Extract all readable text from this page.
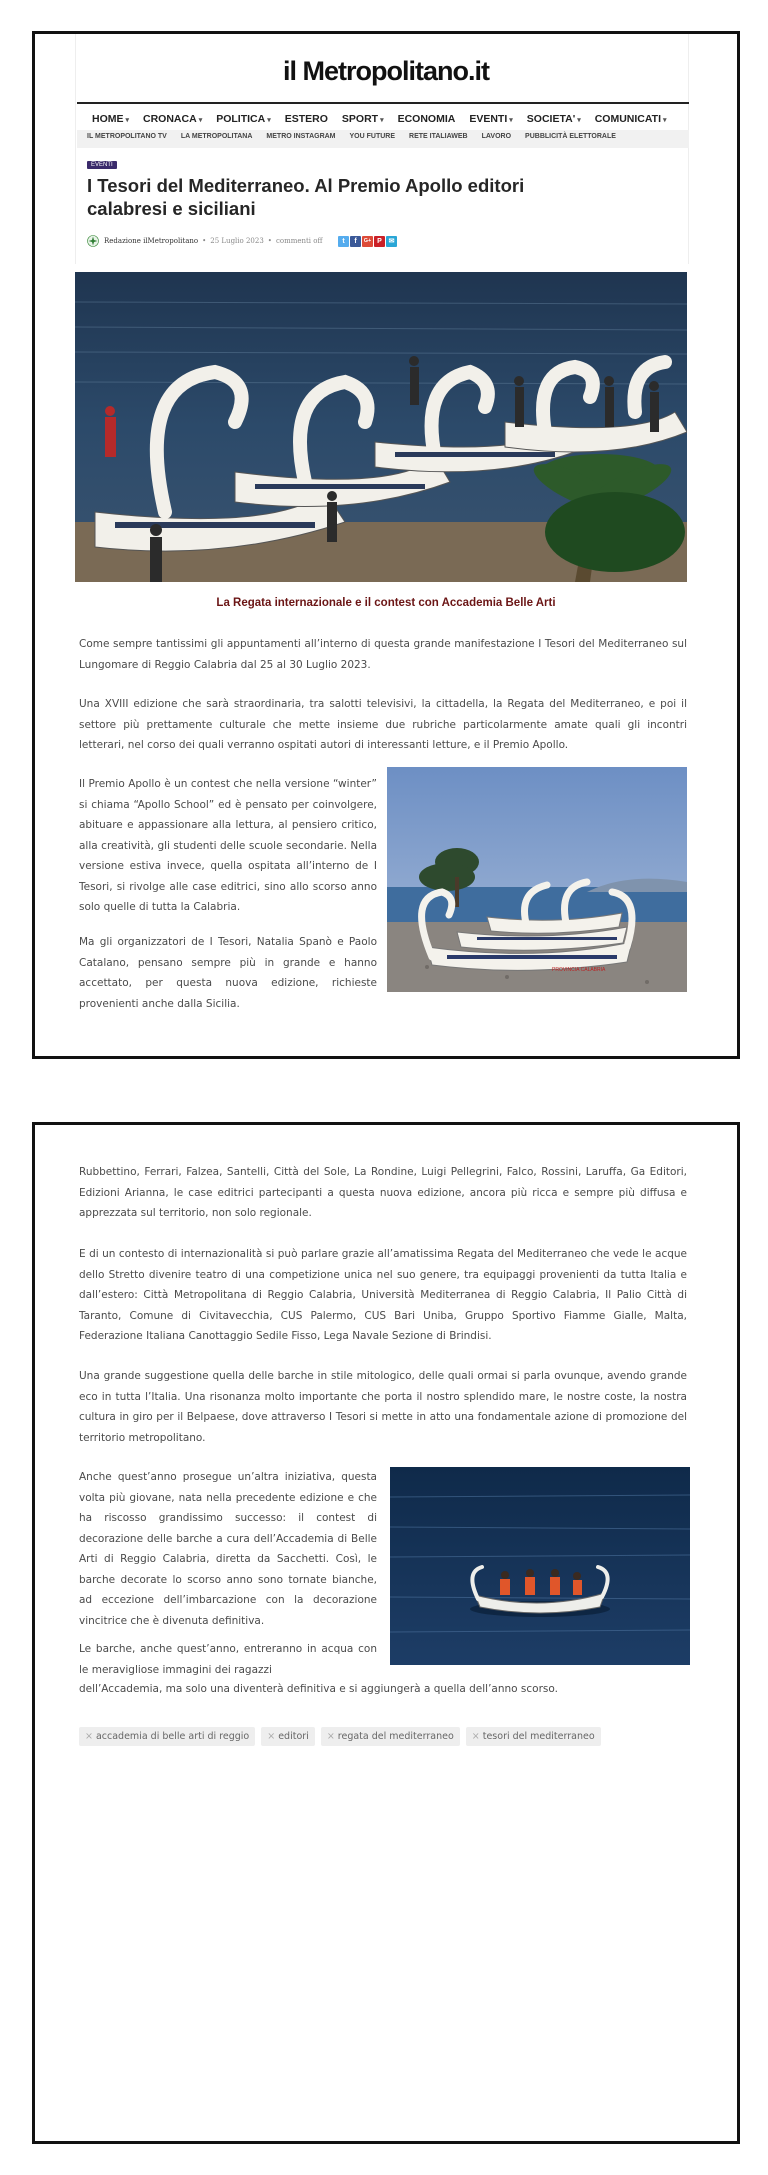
il Metropolitano.it
HOME ▾	CRONACA ▾	POLITICA ▾	ESTERO	SPORT ▾	ECONOMIA	EVENTI ▾	SOCIETA' ▾	COMUNICATI ▾
IL METROPOLITANO TV LA METROPOLITANA METRO INSTAGRAM YOU FUTURE RETE ITALIAWEB LAVORO PUBBLICITÀ ELETTORALE
EVENTI
I Tesori del Mediterraneo. Al Premio Apollo editori calabresi e siciliani
Redazione ilMetropolitano • 25 Luglio 2023 • commenti off	t	f	G+ P ✉
La Regata internazionale e il contest con Accademia Belle Arti

Come sempre tantissimi gli appuntamenti all’interno di questa grande manifestazione I Tesori del Mediterraneo sul Lungomare di Reggio Calabria dal 25 al 30 Luglio 2023.

Una XVIII edizione che sarà straordinaria, tra salotti televisivi, la cittadella, la Regata del Mediterraneo, e poi il settore più prettamente culturale che mette insieme due rubriche particolarmente amate quali gli incontri letterari, nel corso dei quali verranno ospitati autori di interessanti letture, e il Premio Apollo.

Il Premio Apollo è un contest che nella versione “winter” si chiama “Apollo School” ed è pensato per coinvolgere, abituare e appassionare alla lettura, al pensiero critico, alla creatività, gli studenti delle scuole secondarie. Nella versione estiva invece, quella ospitata all’interno de I Tesori, si rivolge alle case editrici, sino allo scorso anno solo quelle di tutta la Calabria.

Ma gli organizzatori de I Tesori, Natalia Spanò e Paolo Catalano, pensano sempre più in grande e hanno accettato, per questa nuova edizione, richieste provenienti anche dalla Sicilia.

PROVINCIA CALABRIA

Rubbettino, Ferrari, Falzea, Santelli, Città del Sole, La Rondine, Luigi Pellegrini, Falco, Rossini, Laruffa, Ga Editori, Edizioni Arianna, le case editrici partecipanti a questa nuova edizione, ancora più ricca e sempre più diffusa e apprezzata sul territorio, non solo regionale.

E di un contesto di internazionalità si può parlare grazie all’amatissima Regata del Mediterraneo che vede le acque dello Stretto divenire teatro di una competizione unica nel suo genere, tra equipaggi provenienti da tutta Italia e dall’estero: Città Metropolitana di Reggio Calabria, Università Mediterranea di Reggio Calabria, Il Palio Città di Taranto, Comune di Civitavecchia, CUS Palermo, CUS Bari Uniba, Gruppo Sportivo Fiamme Gialle, Malta, Federazione Italiana Canottaggio Sedile Fisso, Lega Navale Sezione di Brindisi.

Una grande suggestione quella delle barche in stile mitologico, delle quali ormai si parla ovunque, avendo grande eco in tutta l’Italia. Una risonanza molto importante che porta il nostro splendido mare, le nostre coste, la nostra cultura in giro per il Belpaese, dove attraverso I Tesori si mette in atto una fondamentale azione di promozione del territorio metropolitano.

Anche quest’anno prosegue un’altra iniziativa, questa volta più giovane, nata nella precedente edizione e che ha riscosso grandissimo successo: il contest di decorazione delle barche a cura dell’Accademia di Belle Arti di Reggio Calabria, diretta da Sacchetti. Così, le barche decorate lo scorso anno sono tornate bianche, ad eccezione dell’imbarcazione con la decorazione vincitrice che è divenuta definitiva.

Le barche, anche quest’anno, entreranno in acqua con le meravigliose immagini dei ragazzi

dell’Accademia, ma solo una diventerà definitiva e si aggiungerà a quella dell’anno scorso.

× accademia di belle arti di reggio	× editori	× regata del mediterraneo	× tesori del mediterraneo
